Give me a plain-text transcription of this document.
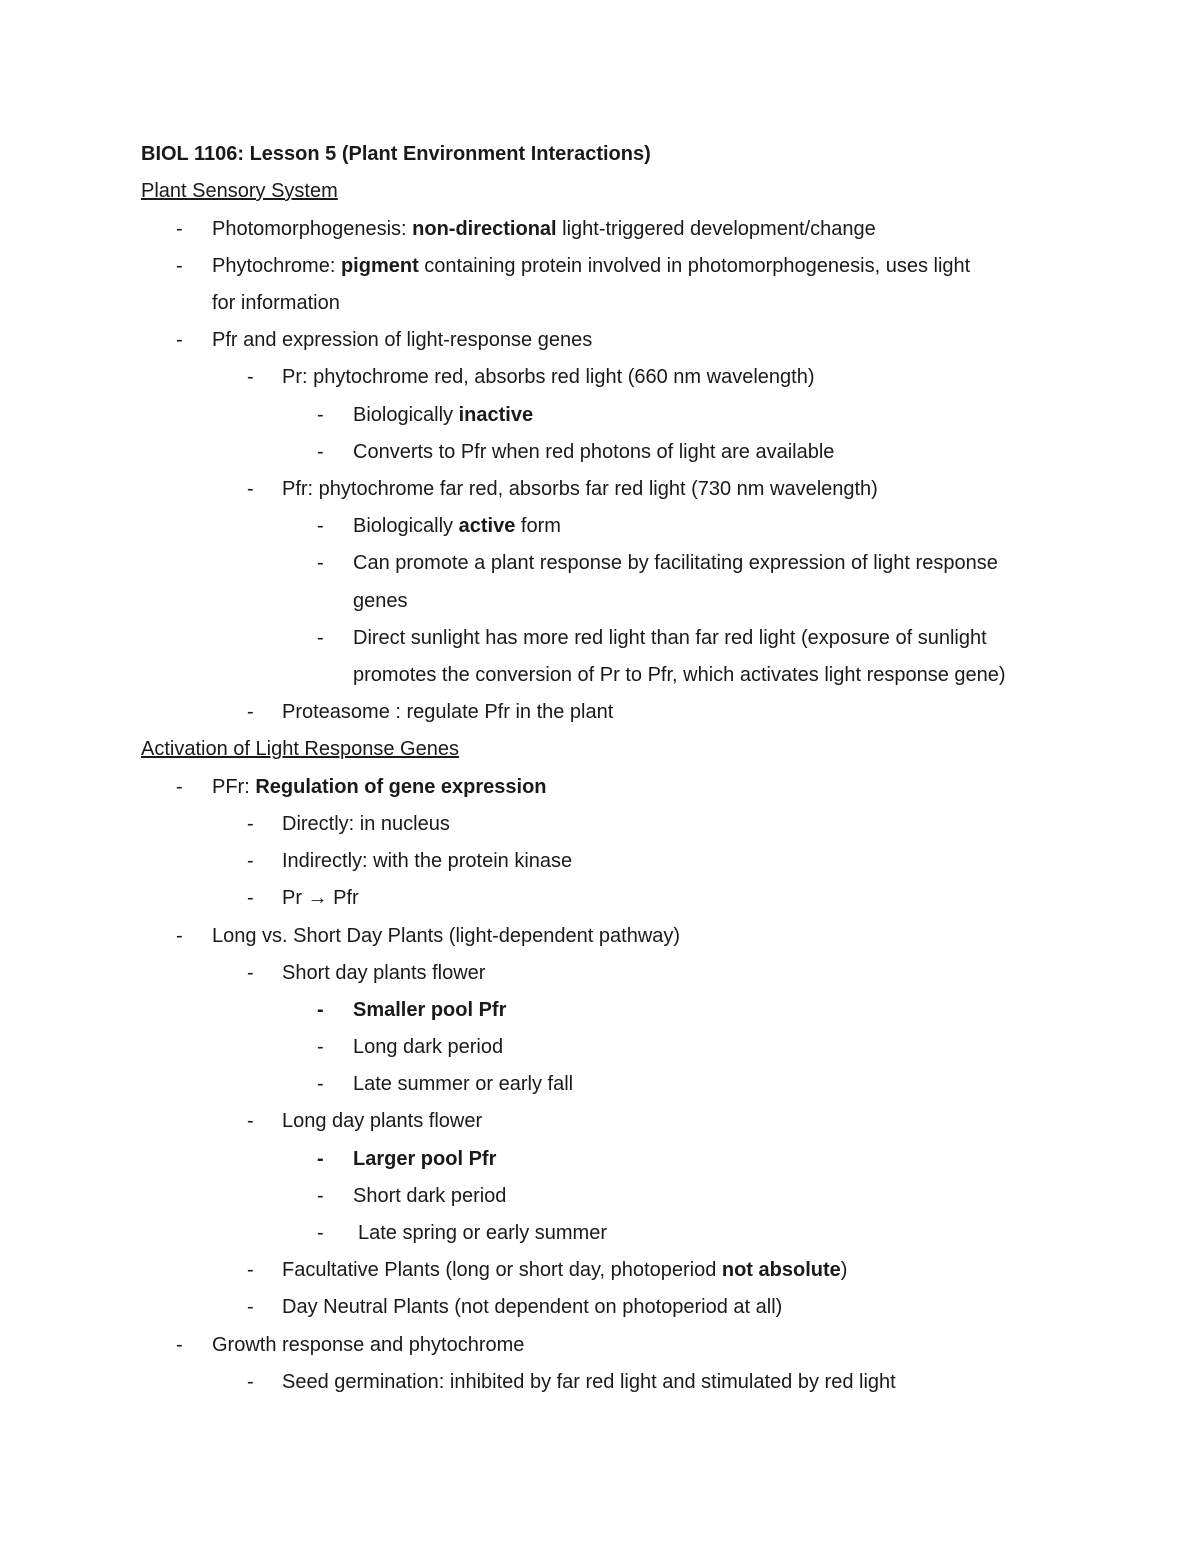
BIOL 1106: Lesson 5 (Plant Environment Interactions)
Plant Sensory System
- Photomorphogenesis: non-directional light-triggered development/change
- Phytochrome: pigment containing protein involved in photomorphogenesis, uses light
for information
- Pfr and expression of light-response genes
- Pr: phytochrome red, absorbs red light (660 nm wavelength)
- Biologically inactive
- Converts to Pfr when red photons of light are available
- Pfr: phytochrome far red, absorbs far red light (730 nm wavelength)
- Biologically active form
- Can promote a plant response by facilitating expression of light response
genes
- Direct sunlight has more red light than far red light (exposure of sunlight
promotes the conversion of Pr to Pfr, which activates light response gene)
- Proteasome : regulate Pfr in the plant
Activation of Light Response Genes
- PFr: Regulation of gene expression
- Directly: in nucleus
- Indirectly: with the protein kinase
- Pr → Pfr
- Long vs. Short Day Plants (light-dependent pathway)
- Short day plants flower
- Smaller pool Pfr
- Long dark period
- Late summer or early fall
- Long day plants flower
- Larger pool Pfr
- Short dark period
- Late spring or early summer
- Facultative Plants (long or short day, photoperiod not absolute)
- Day Neutral Plants (not dependent on photoperiod at all)
- Growth response and phytochrome
- Seed germination: inhibited by far red light and stimulated by red light
